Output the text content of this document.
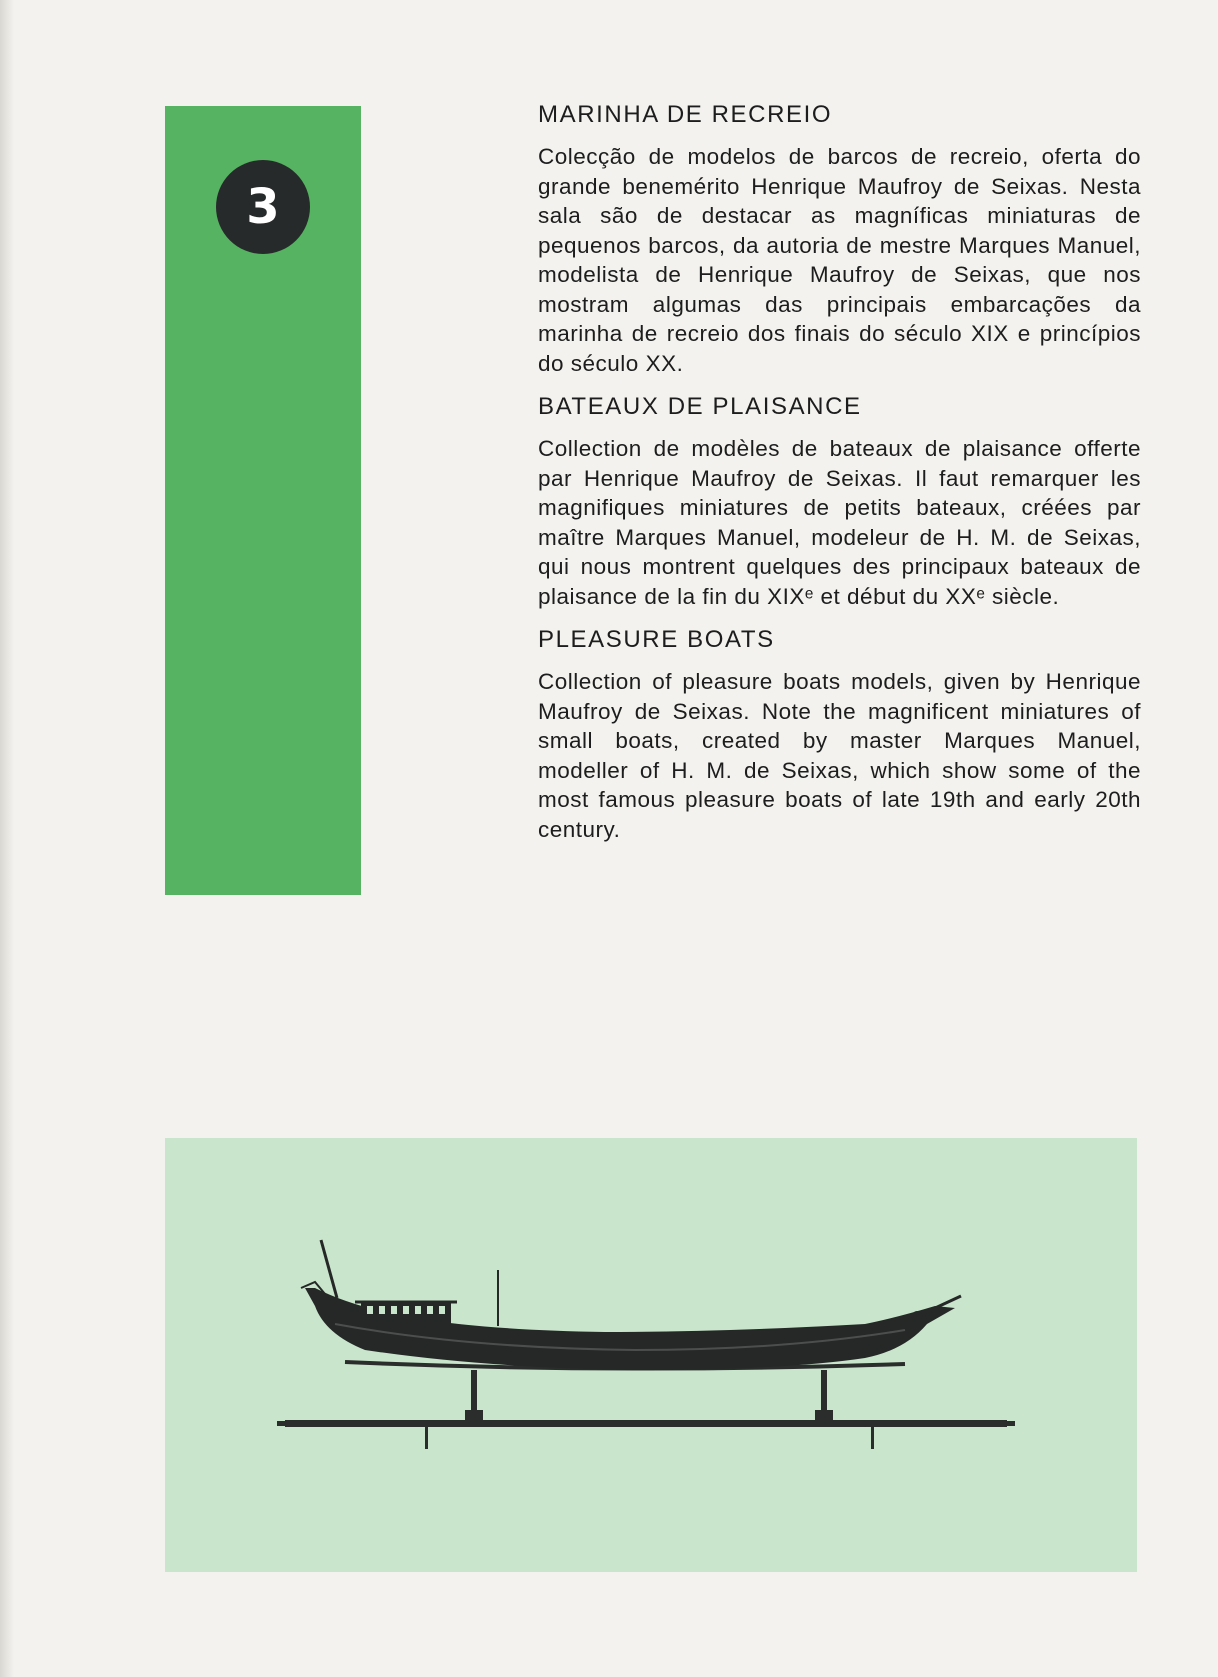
3
MARINHA DE RECREIO

Colecção de modelos de barcos de recreio, oferta do grande benemérito Henrique Maufroy de Seixas. Nesta sala são de destacar as magníficas miniaturas de pequenos barcos, da autoria de mestre Marques Manuel, modelista de Henrique Maufroy de Seixas, que nos mostram algumas das principais embarcações da marinha de recreio dos finais do século XIX e princípios do século XX.

BATEAUX DE PLAISANCE

Collection de modèles de bateaux de plaisance offerte par Henrique Maufroy de Seixas. Il faut remarquer les magnifiques miniatures de petits bateaux, créées par maître Marques Manuel, modeleur de H. M. de Seixas, qui nous montrent quelques des principaux bateaux de plaisance de la fin du XIXᵉ et début du XXᵉ siècle.

PLEASURE BOATS

Collection of pleasure boats models, given by Henrique Maufroy de Seixas. Note the magnificent miniatures of small boats, created by master Marques Manuel, modeller of H. M. de Seixas, which show some of the most famous pleasure boats of late 19th and early 20th century.
